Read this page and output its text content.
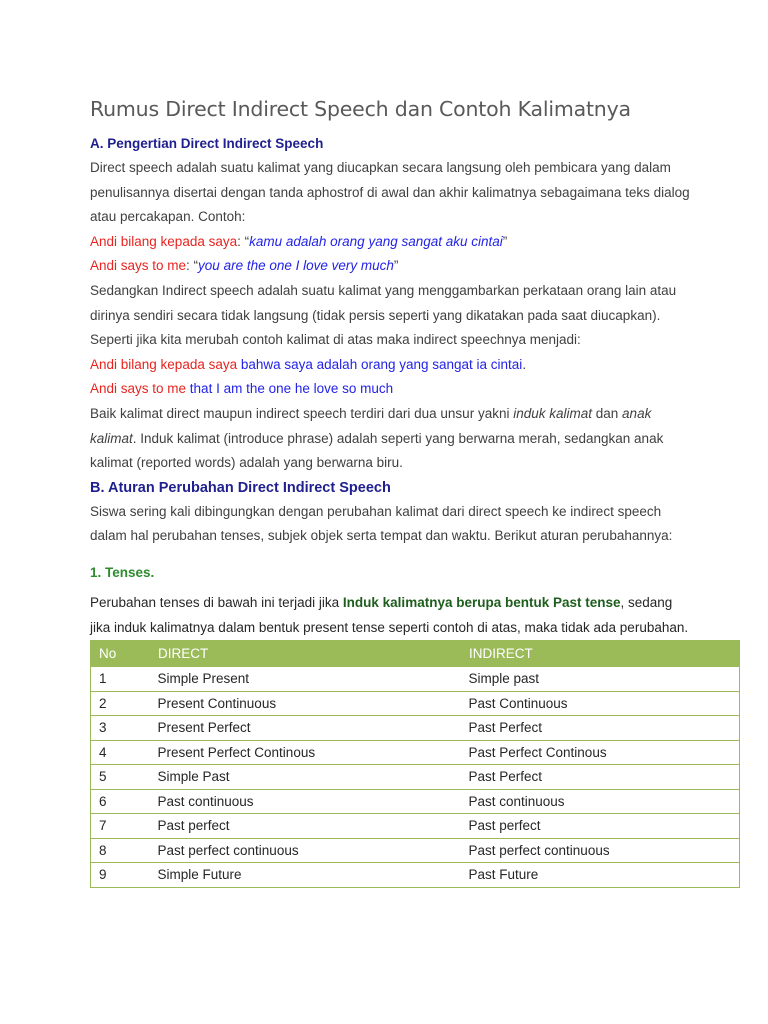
Rumus Direct Indirect Speech dan Contoh Kalimatnya
A. Pengertian Direct Indirect Speech

Direct speech adalah suatu kalimat yang diucapkan secara langsung oleh pembicara yang dalam penulisannya disertai dengan tanda aphostrof di awal dan akhir kalimatnya sebagaimana teks dialog atau percakapan. Contoh:

Andi bilang kepada saya: “kamu adalah orang yang sangat aku cintai”

Andi says to me: “you are the one I love very much”

Sedangkan Indirect speech adalah suatu kalimat yang menggambarkan perkataan orang lain atau dirinya sendiri secara tidak langsung (tidak persis seperti yang dikatakan pada saat diucapkan). Seperti jika kita merubah contoh kalimat di atas maka indirect speechnya menjadi:

Andi bilang kepada saya bahwa saya adalah orang yang sangat ia cintai.

Andi says to me that I am the one he love so much

Baik kalimat direct maupun indirect speech terdiri dari dua unsur yakni induk kalimat dan anak kalimat. Induk kalimat (introduce phrase) adalah seperti yang berwarna merah, sedangkan anak kalimat (reported words) adalah yang berwarna biru.

B. Aturan Perubahan Direct Indirect Speech

Siswa sering kali dibingungkan dengan perubahan kalimat dari direct speech ke indirect speech dalam hal perubahan tenses, subjek objek serta tempat dan waktu. Berikut aturan perubahannya:

1. Tenses.

Perubahan tenses di bawah ini terjadi jika Induk kalimatnya berupa bentuk Past tense, sedang jika induk kalimatnya dalam bentuk present tense seperti contoh di atas, maka tidak ada perubahan.

No	DIRECT	INDIRECT
1	Simple Present	Simple past
2	Present Continuous	Past Continuous
3	Present Perfect	Past Perfect
4	Present Perfect Continous	Past Perfect Continous
5	Simple Past	Past Perfect
6	Past continuous	Past continuous
7	Past perfect	Past perfect
8	Past perfect continuous	Past perfect continuous
9	Simple Future	Past Future
